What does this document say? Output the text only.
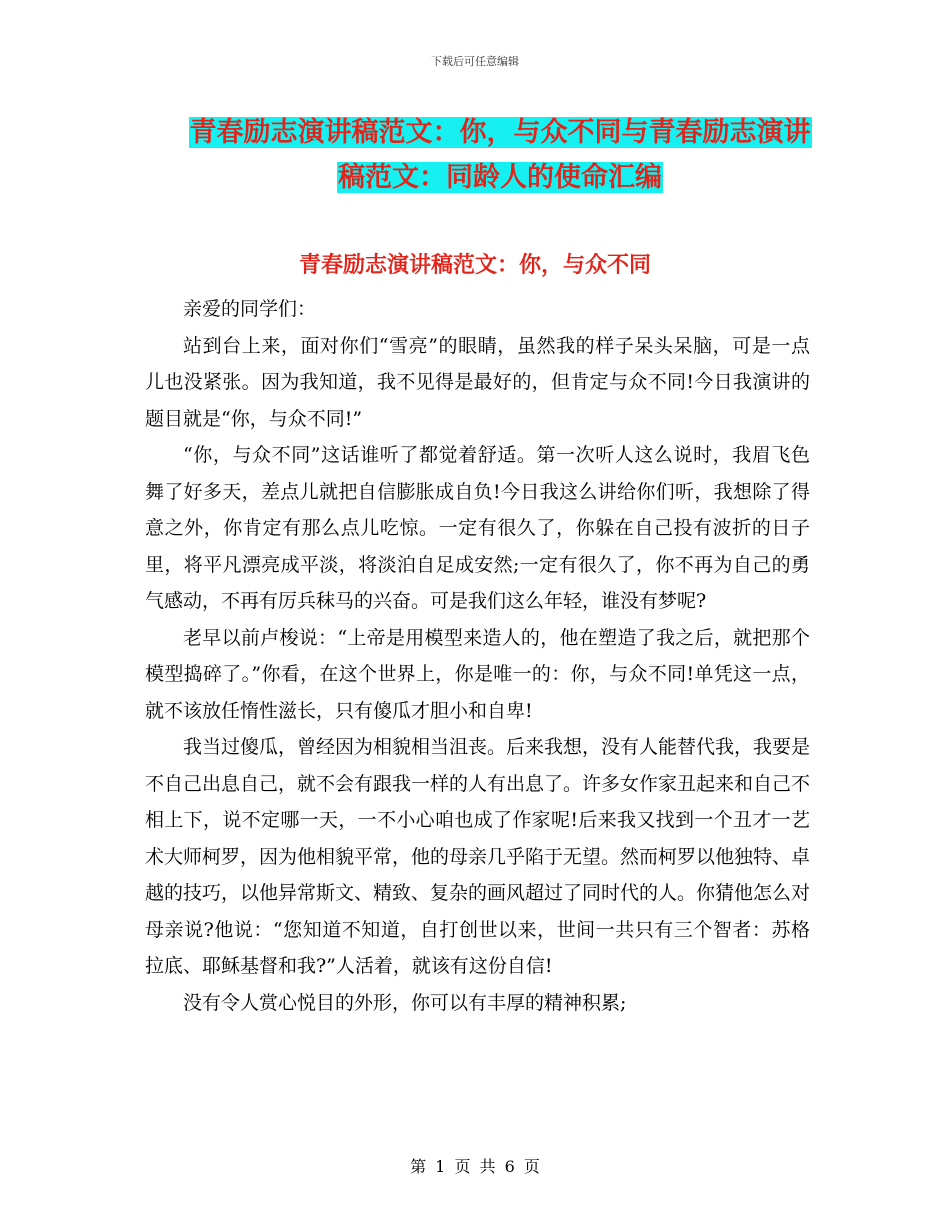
下载后可任意编辑
青春励志演讲稿范文：你，与众不同与青春励志演讲
稿范文：同龄人的使命汇编
青春励志演讲稿范文：你，与众不同

亲爱的同学们：

站到台上来，面对你们“雪亮”的眼睛，虽然我的样子呆头呆脑，可是一点儿也没紧张。因为我知道，我不见得是最好的，但肯定与众不同!今日我演讲的题目就是“你，与众不同!”

“你，与众不同”这话谁听了都觉着舒适。第一次听人这么说时，我眉飞色舞了好多天，差点儿就把自信膨胀成自负!今日我这么讲给你们听，我想除了得意之外，你肯定有那么点儿吃惊。一定有很久了，你躲在自己投有波折的日子里，将平凡漂亮成平淡，将淡泊自足成安然;一定有很久了，你不再为自己的勇气感动，不再有厉兵秣马的兴奋。可是我们这么年轻，谁没有梦呢?

老早以前卢梭说：“上帝是用模型来造人的，他在塑造了我之后，就把那个模型捣碎了。”你看，在这个世界上，你是唯一的：你，与众不同!单凭这一点，就不该放任惰性滋长，只有傻瓜才胆小和自卑!

我当过傻瓜，曾经因为相貌相当沮丧。后来我想，没有人能替代我，我要是不自己出息自己，就不会有跟我一样的人有出息了。许多女作家丑起来和自己不相上下，说不定哪一天，一不小心咱也成了作家呢!后来我又找到一个丑才一艺术大师柯罗，因为他相貌平常，他的母亲几乎陷于无望。然而柯罗以他独特、卓越的技巧，以他异常斯文、精致、复杂的画风超过了同时代的人。你猜他怎么对母亲说?他说：“您知道不知道，自打创世以来，世间一共只有三个智者：苏格拉底、耶稣基督和我?”人活着，就该有这份自信!

没有令人赏心悦目的外形，你可以有丰厚的精神积累;

第 1 页 共 6 页
